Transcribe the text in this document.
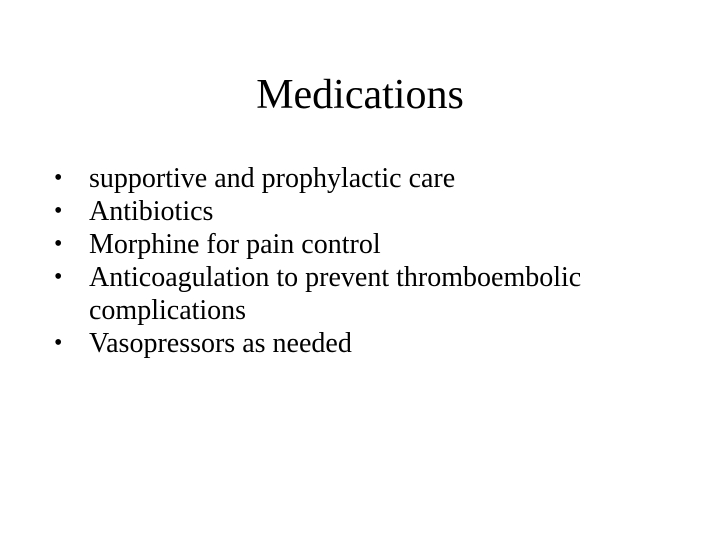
Medications
• supportive and prophylactic care
• Antibiotics
• Morphine for pain control
• Anticoagulation to prevent thromboembolic complications
• Vasopressors as needed
